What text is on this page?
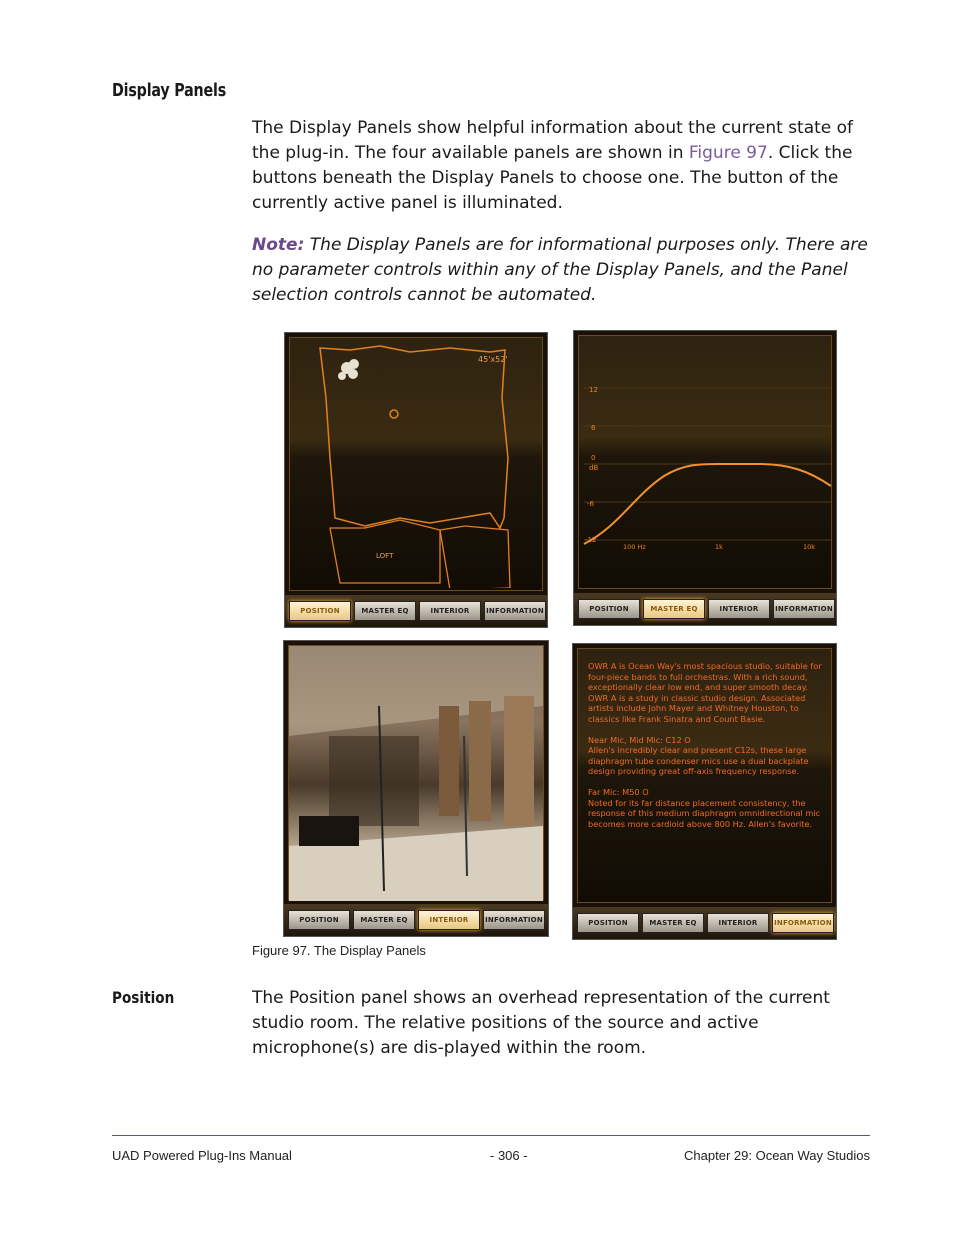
Display Panels
The Display Panels show helpful information about the current state of the plug-in. The four available panels are shown in Figure 97. Click the buttons beneath the Display Panels to choose one. The button of the currently active panel is illuminated.
Note: The Display Panels are for informational purposes only. There are no parameter controls within any of the Display Panels, and the Panel selection controls cannot be automated.
45'x52'
LOFT
POSITION	MASTER EQ	INTERIOR	INFORMATION
12
6
0
dB
-6
-12
100 Hz	1k	10k
POSITION	MASTER EQ	INTERIOR	INFORMATION
POSITION	MASTER EQ	INTERIOR	INFORMATION
OWR A is Ocean Way's most spacious studio, suitable for
four-piece bands to full orchestras. With a rich sound,
exceptionally clear low end, and super smooth decay.
OWR A is a study in classic studio design. Associated
artists include John Mayer and Whitney Houston, to
classics like Frank Sinatra and Count Basie.

Near Mic, Mid Mic: C12 O
Allen's incredibly clear and present C12s, these large
diaphragm tube condenser mics use a dual backplate
design providing great off-axis frequency response.

Far Mic: M50 O
Noted for its far distance placement consistency, the
response of this medium diaphragm omnidirectional mic
becomes more cardioid above 800 Hz. Allen's favorite.
POSITION	MASTER EQ	INTERIOR	INFORMATION
Figure 97. The Display Panels
Position	The Position panel shows an overhead representation of the current studio room. The relative positions of the source and active microphone(s) are dis-played within the room.
UAD Powered Plug-Ins Manual	- 306 -	Chapter 29: Ocean Way Studios
